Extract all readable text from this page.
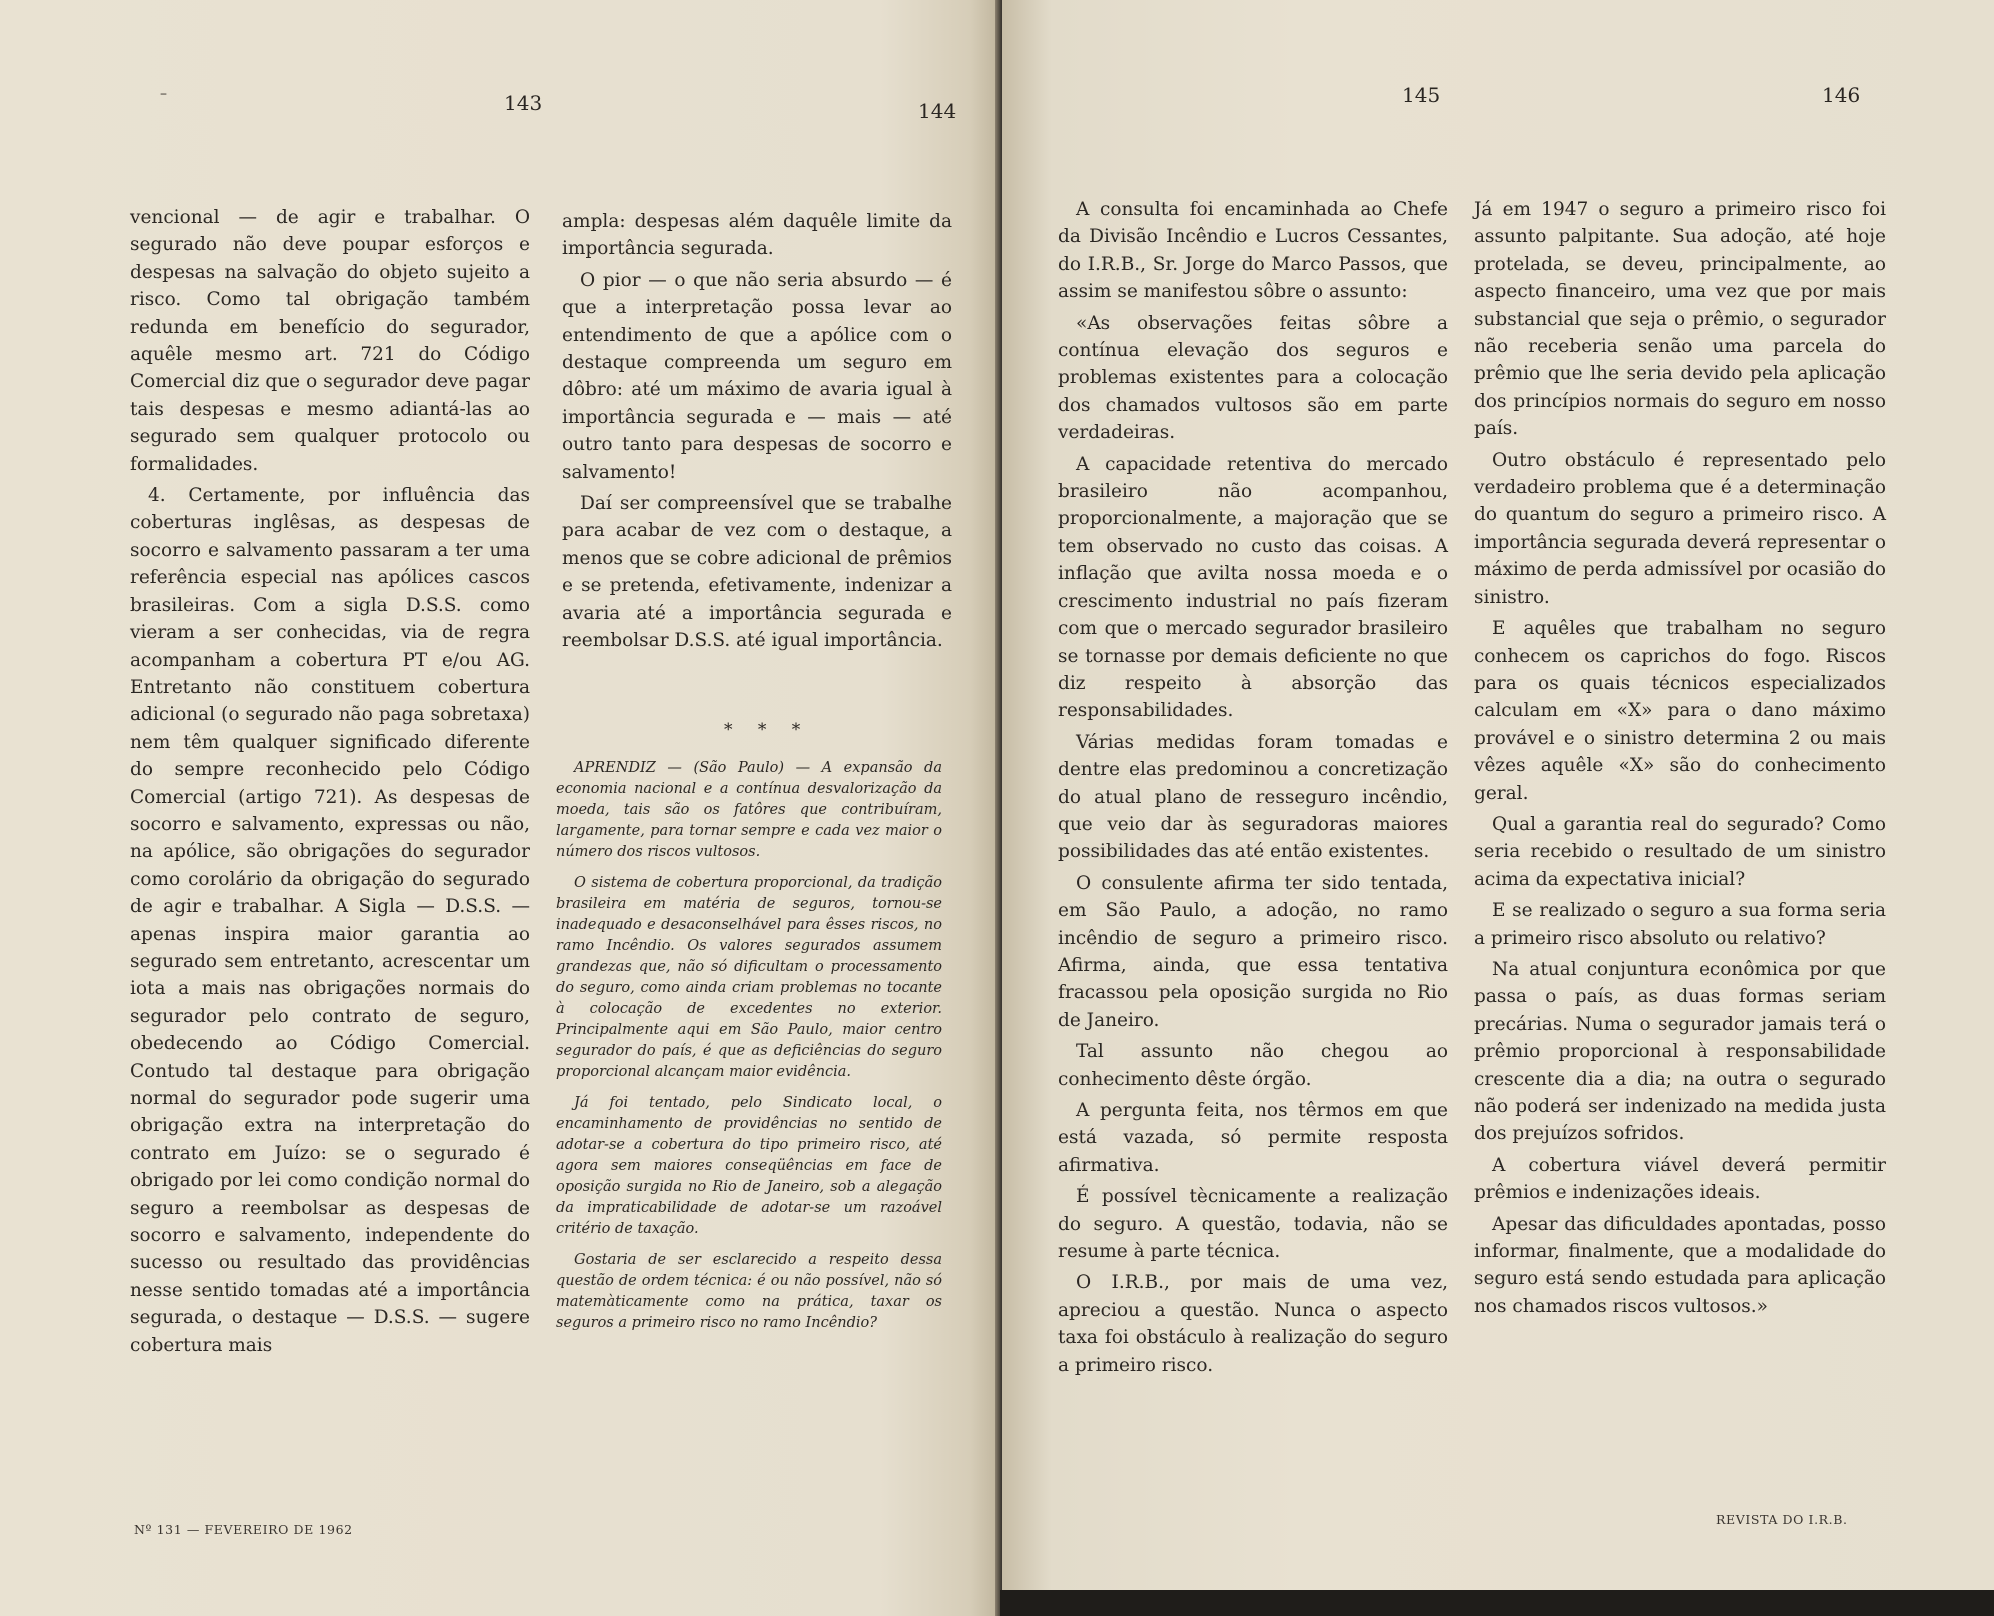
–	143	144

vencional — de agir e trabalhar. O segurado não deve poupar esforços e despesas na salvação do objeto sujeito a risco. Como tal obrigação também redunda em benefício do segurador, aquêle mesmo art. 721 do Código Comercial diz que o segurador deve pagar tais despesas e mesmo adiantá-las ao segurado sem qualquer protocolo ou formalidades.

4. Certamente, por influência das coberturas inglêsas, as despesas de socorro e salvamento passaram a ter uma referência especial nas apólices cascos brasileiras. Com a sigla D.S.S. como vieram a ser conhecidas, via de regra acompanham a cobertura PT e/ou AG. Entretanto não constituem cobertura adicional (o segurado não paga sobretaxa) nem têm qualquer significado diferente do sempre reconhecido pelo Código Comercial (artigo 721). As despesas de socorro e salvamento, expressas ou não, na apólice, são obrigações do segurador como corolário da obrigação do segurado de agir e trabalhar. A Sigla — D.S.S. — apenas inspira maior garantia ao segurado sem entretanto, acrescentar um iota a mais nas obrigações normais do segurador pelo contrato de seguro, obedecendo ao Código Comercial. Contudo tal destaque para obrigação normal do segurador pode sugerir uma obrigação extra na interpretação do contrato em Juízo: se o segurado é obrigado por lei como condição normal do seguro a reembolsar as despesas de socorro e salvamento, independente do sucesso ou resultado das providências nesse sentido tomadas até a importância segurada, o destaque — D.S.S. — sugere cobertura mais

ampla: despesas além daquêle limite da importância segurada.

O pior — o que não seria absurdo — é que a interpretação possa levar ao entendimento de que a apólice com o destaque compreenda um seguro em dôbro: até um máximo de avaria igual à importância segurada e — mais — até outro tanto para despesas de socorro e salvamento!

Daí ser compreensível que se trabalhe para acabar de vez com o destaque, a menos que se cobre adicional de prêmios e se pretenda, efetivamente, indenizar a avaria até a importância segurada e reembolsar D.S.S. até igual importância.

* * *

APRENDIZ — (São Paulo) — A expansão da economia nacional e a contínua desvalorização da moeda, tais são os fatôres que contribuíram, largamente, para tornar sempre e cada vez maior o número dos riscos vultosos.

O sistema de cobertura proporcional, da tradição brasileira em matéria de seguros, tornou-se inadequado e desaconselhável para êsses riscos, no ramo Incêndio. Os valores segurados assumem grandezas que, não só dificultam o processamento do seguro, como ainda criam problemas no tocante à colocação de excedentes no exterior. Principalmente aqui em São Paulo, maior centro segurador do país, é que as deficiências do seguro proporcional alcançam maior evidência.

Já foi tentado, pelo Sindicato local, o encaminhamento de providências no sentido de adotar-se a cobertura do tipo primeiro risco, até agora sem maiores conseqüências em face de oposição surgida no Rio de Janeiro, sob a alegação da impraticabilidade de adotar-se um razoável critério de taxação.

Gostaria de ser esclarecido a respeito dessa questão de ordem técnica: é ou não possível, não só matemàticamente como na prática, taxar os seguros a primeiro risco no ramo Incêndio?

Nº 131 — FEVEREIRO DE 1962
145	146

A consulta foi encaminhada ao Chefe da Divisão Incêndio e Lucros Cessantes, do I.R.B., Sr. Jorge do Marco Passos, que assim se manifestou sôbre o assunto:

«As observações feitas sôbre a contínua elevação dos seguros e problemas existentes para a colocação dos chamados vultosos são em parte verdadeiras.

A capacidade retentiva do mercado brasileiro não acompanhou, proporcionalmente, a majoração que se tem observado no custo das coisas. A inflação que avilta nossa moeda e o crescimento industrial no país fizeram com que o mercado segurador brasileiro se tornasse por demais deficiente no que diz respeito à absorção das responsabilidades.

Várias medidas foram tomadas e dentre elas predominou a concretização do atual plano de resseguro incêndio, que veio dar às seguradoras maiores possibilidades das até então existentes.

O consulente afirma ter sido tentada, em São Paulo, a adoção, no ramo incêndio de seguro a primeiro risco. Afirma, ainda, que essa tentativa fracassou pela oposição surgida no Rio de Janeiro.

Tal assunto não chegou ao conhecimento dêste órgão.

A pergunta feita, nos têrmos em que está vazada, só permite resposta afirmativa.

É possível tècnicamente a realização do seguro. A questão, todavia, não se resume à parte técnica.

O I.R.B., por mais de uma vez, apreciou a questão. Nunca o aspecto taxa foi obstáculo à realização do seguro a primeiro risco.

Já em 1947 o seguro a primeiro risco foi assunto palpitante. Sua adoção, até hoje protelada, se deveu, principalmente, ao aspecto financeiro, uma vez que por mais substancial que seja o prêmio, o segurador não receberia senão uma parcela do prêmio que lhe seria devido pela aplicação dos princípios normais do seguro em nosso país.

Outro obstáculo é representado pelo verdadeiro problema que é a determinação do quantum do seguro a primeiro risco. A importância segurada deverá representar o máximo de perda admissível por ocasião do sinistro.

E aquêles que trabalham no seguro conhecem os caprichos do fogo. Riscos para os quais técnicos especializados calculam em «X» para o dano máximo provável e o sinistro determina 2 ou mais vêzes aquêle «X» são do conhecimento geral.

Qual a garantia real do segurado? Como seria recebido o resultado de um sinistro acima da expectativa inicial?

E se realizado o seguro a sua forma seria a primeiro risco absoluto ou relativo?

Na atual conjuntura econômica por que passa o país, as duas formas seriam precárias. Numa o segurador jamais terá o prêmio proporcional à responsabilidade crescente dia a dia; na outra o segurado não poderá ser indenizado na medida justa dos prejuízos sofridos.

A cobertura viável deverá permitir prêmios e indenizações ideais.

Apesar das dificuldades apontadas, posso informar, finalmente, que a modalidade do seguro está sendo estudada para aplicação nos chamados riscos vultosos.»

REVISTA DO I.R.B.
